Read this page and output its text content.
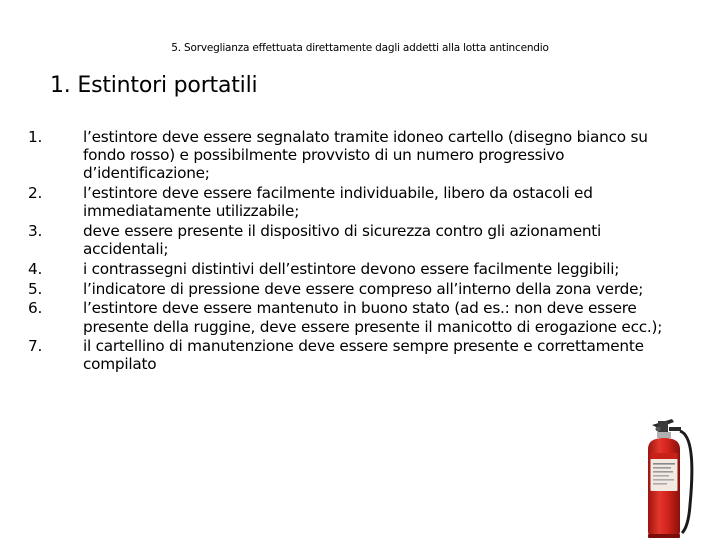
5. Sorveglianza effettuata direttamente dagli addetti alla lotta antincendio
1. Estintori portatili
1.	l’estintore deve essere segnalato tramite idoneo cartello (disegno bianco su fondo rosso) e possibilmente provvisto di un numero progressivo d’identificazione;
2.	l’estintore deve essere facilmente individuabile, libero da ostacoli ed immediatamente utilizzabile;
3.	deve essere presente il dispositivo di sicurezza contro gli azionamenti accidentali;
4.	i contrassegni distintivi dell’estintore devono essere facilmente leggibili;
5.	l’indicatore di pressione deve essere compreso all’interno della zona verde;
6.	l’estintore deve essere mantenuto in buono stato (ad es.: non deve essere presente della ruggine, deve essere presente il manicotto di erogazione ecc.);
7.	il cartellino di manutenzione deve essere sempre presente e correttamente compilato
